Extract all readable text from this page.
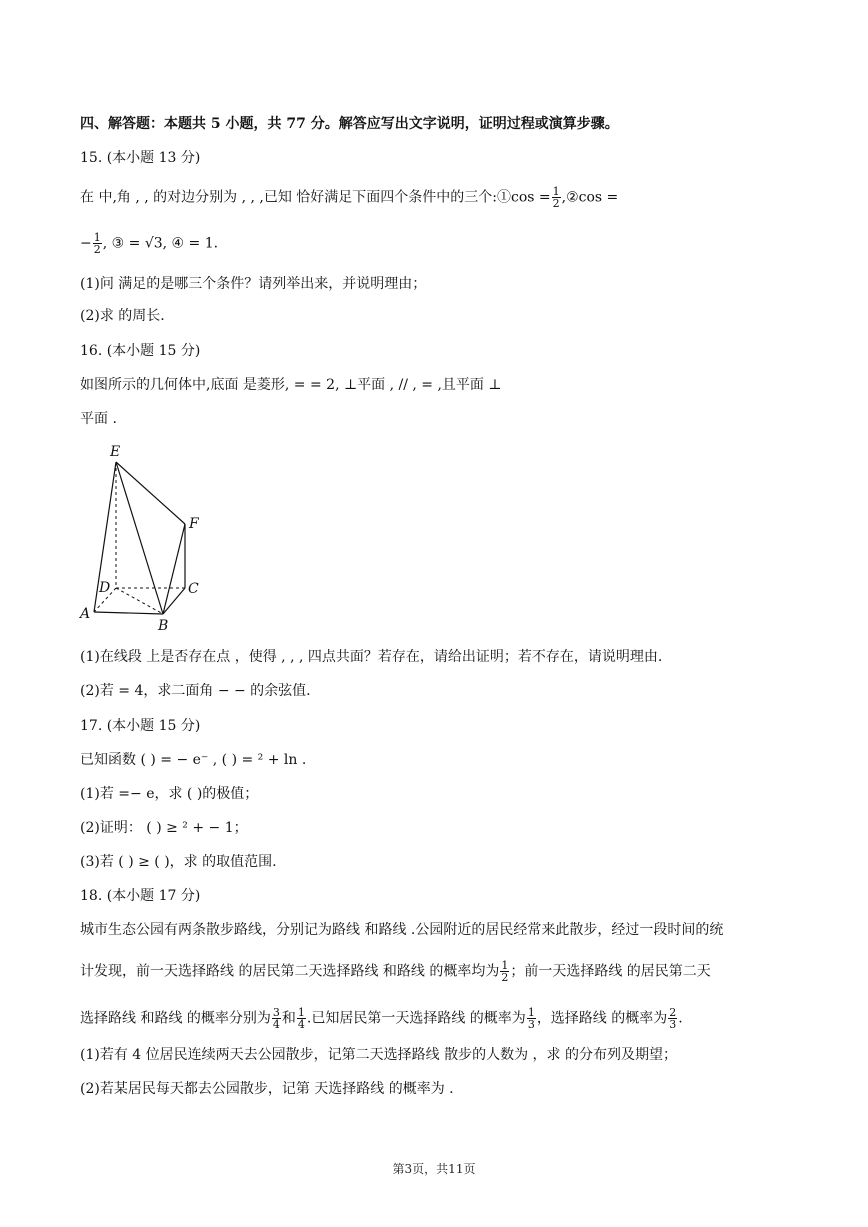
四、解答题：本题共 5 小题，共 77 分。解答应写出文字说明，证明过程或演算步骤。
15. (本小题 13 分)
在 中,角 , , 的对边分别为 , , ,已知 恰好满足下面四个条件中的三个:①cos = $\frac{1}{2}$ ,②cos =
− $\frac{1}{2}$ , ③ = √3, ④ = 1.
(1)问 满足的是哪三个条件？请列举出来，并说明理由；
(2)求 的周长.
16. (本小题 15 分)
如图所示的几何体中,底面 是菱形, = = 2, ⊥平面 , // , = ,且平面 ⊥
平面 .
E
F
D	C
A
B
(1)在线段 上是否存在点 ，使得 , , , 四点共面？若存在，请给出证明；若不存在，请说明理由.
(2)若 = 4，求二面角 − − 的余弦值.
17. (本小题 15 分)
已知函数 ( ) = − e⁻ , ( ) = ² + ln .
(1)若 =− e，求 ( )的极值；
(2)证明： ( ) ≥ ² + − 1；
(3)若 ( ) ≥ ( )，求 的取值范围.
18. (本小题 17 分)
城市生态公园有两条散步路线，分别记为路线 和路线 .公园附近的居民经常来此散步，经过一段时间的统
计发现，前一天选择路线 的居民第二天选择路线 和路线 的概率均为 $\frac{1}{2}$ ；前一天选择路线 的居民第二天
选择路线 和路线 的概率分别为 $\frac{3}{4}$ 和 $\frac{1}{4}$ .已知居民第一天选择路线 的概率为 $\frac{1}{3}$ ，选择路线 的概率为 $\frac{2}{3}$ .
(1)若有 4 位居民连续两天去公园散步，记第二天选择路线 散步的人数为 ，求 的分布列及期望；
(2)若某居民每天都去公园散步，记第 天选择路线 的概率为 .
第3页，共11页
